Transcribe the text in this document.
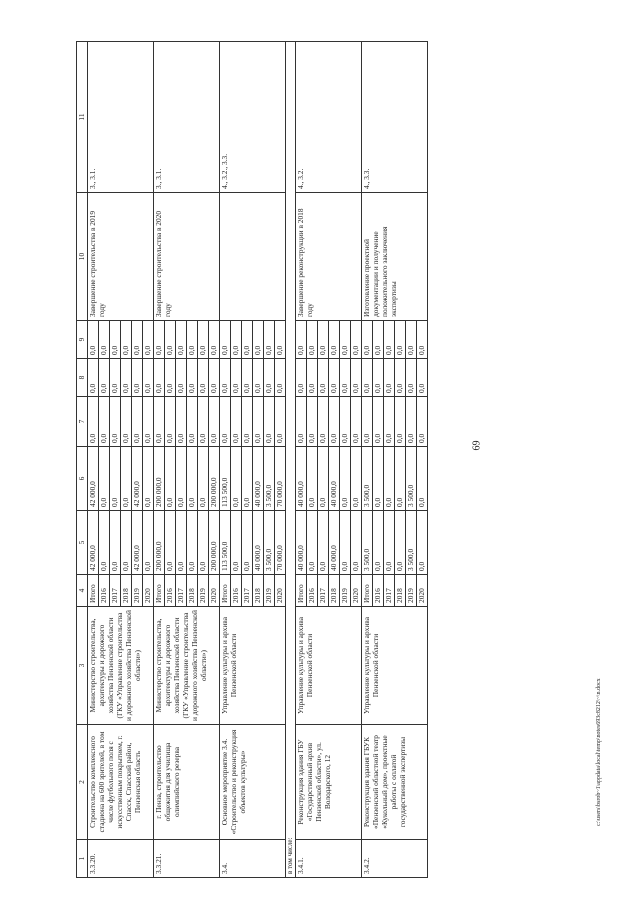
69
1	2	3	4	5	6	7	8	9	10	11
3.3.20.	Строительство комплексного стадиона на 600 зрителей, в том числе футбольного поля с искусственным покрытием, г. Спасск, Спасский район, Пензенская область	Министерство строительства, архитектуры и дорожного хозяйства Пензенской области (ГКУ «Управление строительства и дорожного хозяйства Пензенской области»)	Итого	42 000,0	42 000,0	0,0	0,0	0,0	Завершение строительства в 2019 году	3., 3.1.
			2016	0,0	0,0	0,0	0,0	0,0		
			2017	0,0	0,0	0,0	0,0	0,0		
			2018	0,0	0,0	0,0	0,0	0,0		
			2019	42 000,0	42 000,0	0,0	0,0	0,0		
			2020	0,0	0,0	0,0	0,0	0,0		
3.3.21.	г. Пенза, строительство общежития для училища олимпийского резерва	Министерство строительства, архитектуры и дорожного хозяйства Пензенской области (ГКУ «Управление строительства и дорожного хозяйства Пензенской области»)	Итого	200 000,0	200 000,0	0,0	0,0	0,0	Завершение строительства в 2020 году	3., 3.1.
			2016	0,0	0,0	0,0	0,0	0,0		
			2017	0,0	0,0	0,0	0,0	0,0		
			2018	0,0	0,0	0,0	0,0	0,0		
			2019	0,0	0,0	0,0	0,0	0,0		
			2020	200 000,0	200 000,0	0,0	0,0	0,0		
3.4.	Основное мероприятие 3.4. «Строительство и реконструкция объектов культуры»	Управление культуры и архива Пензенской области	Итого	113 500,0	113 500,0	0,0	0,0	0,0		4., 3.2., 3.3.
			2016	0,0	0,0	0,0	0,0	0,0		
			2017	0,0	0,0	0,0	0,0	0,0		
			2018	40 000,0	40 000,0	0,0	0,0	0,0		
			2019	3 500,0	3 500,0	0,0	0,0	0,0		
			2020	70 000,0	70 000,0	0,0	0,0	0,0		
в том числе:										
3.4.1.	Реконструкция здания ГБУ «Государственный архив Пензенской области», ул. Володарского, 12	Управление культуры и архива Пензенской области	Итого	40 000,0	40 000,0	0,0	0,0	0,0	Завершение реконструкции в 2018 году	4., 3.2.
			2016	0,0	0,0	0,0	0,0	0,0		
			2017	0,0	0,0	0,0	0,0	0,0		
			2018	40 000,0	40 000,0	0,0	0,0	0,0		
			2019	0,0	0,0	0,0	0,0	0,0		
			2020	0,0	0,0	0,0	0,0	0,0		
3.4.2.	Реконструкция здания ГБУК «Пензенский областной театр «Кукольный дом», проектные работы с оплатой государственной экспертизы	Управление культуры и архива Пензенской области	Итого	3 500,0	3 500,0	0,0	0,0	0,0	Изготовление проектной документации и получение положительного заключения экспертизы	4., 3.3.
			2016	0,0	0,0	0,0	0,0	0,0		
			2017	0,0	0,0	0,0	0,0	0,0		
			2018	0,0	0,0	0,0	0,0	0,0		
			2019	3 500,0	3 500,0	0,0	0,0	0,0		
			2020	0,0	0,0	0,0	0,0	0,0		
c:\users\bsrob~1\appdata\local\temp\notes693c8212\~\n.docx
